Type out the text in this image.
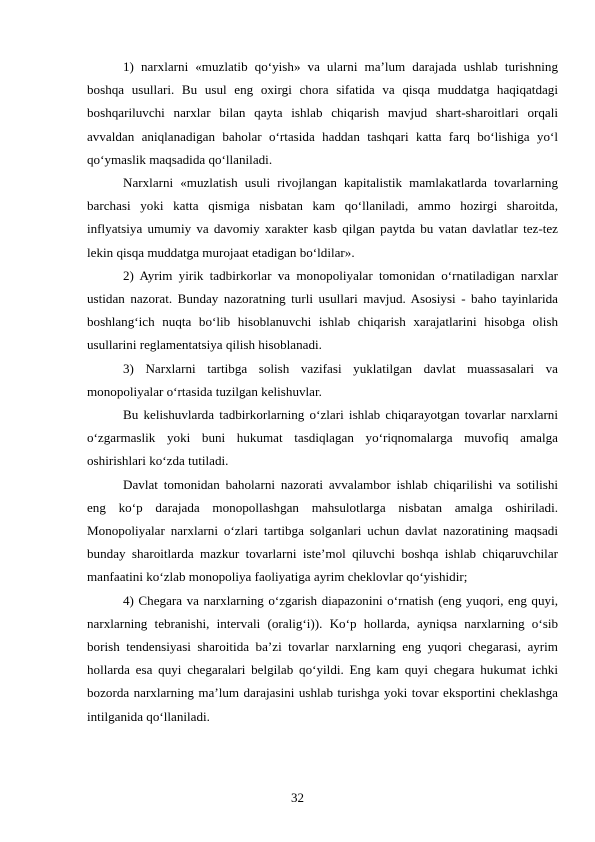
1) narxlarni «muzlatib qo‘yish» va ularni ma’lum darajada ushlab turishning boshqa usullari. Bu usul eng oxirgi chora sifatida va qisqa muddatga haqiqatdagi boshqariluvchi narxlar bilan qayta ishlab chiqarish mavjud shart-sharoitlari orqali avvaldan aniqlanadigan baholar o‘rtasida haddan tashqari katta farq bo‘lishiga yo‘l qo‘ymaslik maqsadida qo‘llaniladi.

Narxlarni «muzlatish usuli rivojlangan kapitalistik mamlakatlarda tovarlarning barchasi yoki katta qismiga nisbatan kam qo‘llaniladi, ammo hozirgi sharoitda, inflyatsiya umumiy va davomiy xarakter kasb qilgan paytda bu vatan davlatlar tez-tez lekin qisqa muddatga murojaat etadigan bo‘ldilar».

2) Ayrim yirik tadbirkorlar va monopoliyalar tomonidan o‘rnatiladigan narxlar ustidan nazorat. Bunday nazoratning turli usullari mavjud. Asosiysi - baho tayinlarida boshlang‘ich nuqta bo‘lib hisoblanuvchi ishlab chiqarish xarajatlarini hisobga olish usullarini reglamentatsiya qilish hisoblanadi.

3) Narxlarni tartibga solish vazifasi yuklatilgan davlat muassasalari va monopoliyalar o‘rtasida tuzilgan kelishuvlar.

Bu kelishuvlarda tadbirkorlarning o‘zlari ishlab chiqarayotgan tovarlar narxlarni o‘zgarmaslik yoki buni hukumat tasdiqlagan yo‘riqnomalarga muvofiq amalga oshirishlari ko‘zda tutiladi.

Davlat tomonidan baholarni nazorati avvalambor ishlab chiqarilishi va sotilishi eng ko‘p darajada monopollashgan mahsulotlarga nisbatan amalga oshiriladi. Monopoliyalar narxlarni o‘zlari tartibga solganlari uchun davlat nazoratining maqsadi bunday sharoitlarda mazkur tovarlarni iste’mol qiluvchi boshqa ishlab chiqaruvchilar manfaatini ko‘zlab monopoliya faoliyatiga ayrim cheklovlar qo‘yishidir;

4) Chegara va narxlarning o‘zgarish diapazonini o‘rnatish (eng yuqori, eng quyi, narxlarning tebranishi, intervali (oralig‘i)). Ko‘p hollarda, ayniqsa narxlarning o‘sib borish tendensiyasi sharoitida ba’zi tovarlar narxlarning eng yuqori chegarasi, ayrim hollarda esa quyi chegaralari belgilab qo‘yildi. Eng kam quyi chegara hukumat ichki bozorda narxlarning ma’lum darajasini ushlab turishga yoki tovar eksportini cheklashga intilganida qo‘llaniladi.

32
